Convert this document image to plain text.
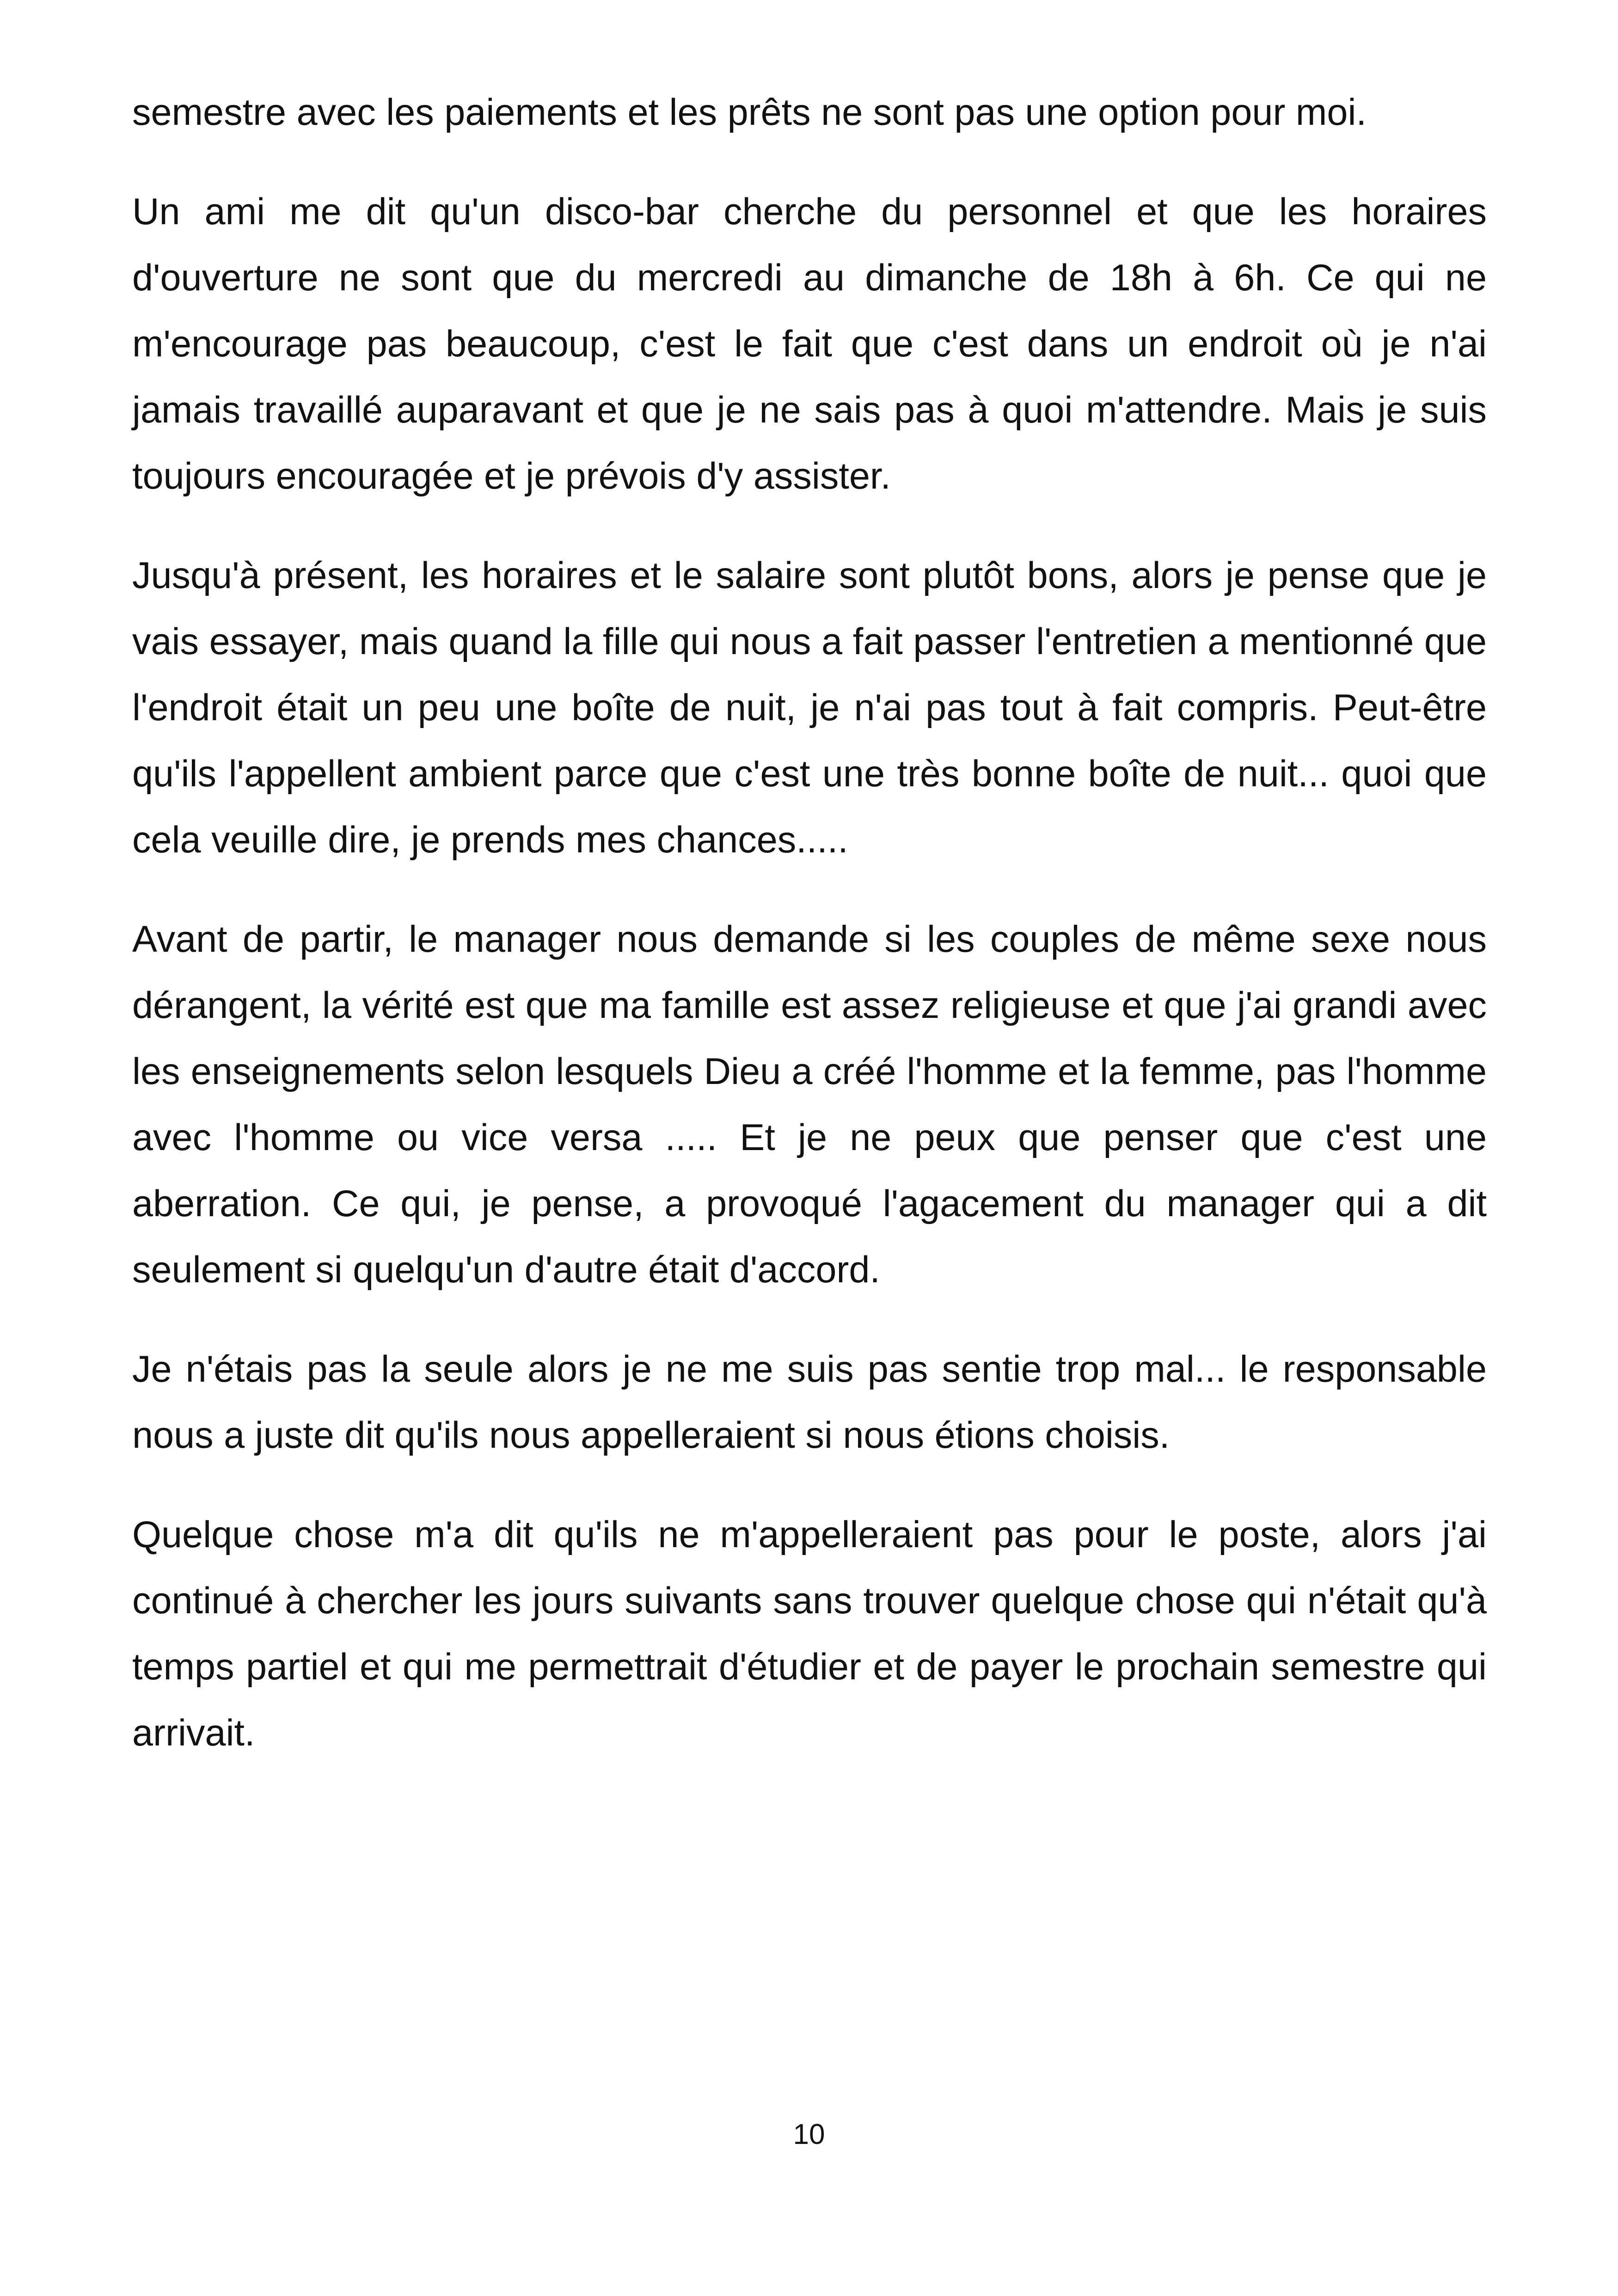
semestre avec les paiements et les prêts ne sont pas une option pour moi.

Un ami me dit qu'un disco-bar cherche du personnel et que les horaires d'ouverture ne sont que du mercredi au dimanche de 18h à 6h. Ce qui ne m'encourage pas beaucoup, c'est le fait que c'est dans un endroit où je n'ai jamais travaillé auparavant et que je ne sais pas à quoi m'attendre. Mais je suis toujours encouragée et je prévois d'y assister.

Jusqu'à présent, les horaires et le salaire sont plutôt bons, alors je pense que je vais essayer, mais quand la fille qui nous a fait passer l'entretien a mentionné que l'endroit était un peu une boîte de nuit, je n'ai pas tout à fait compris. Peut-être qu'ils l'appellent ambient parce que c'est une très bonne boîte de nuit... quoi que cela veuille dire, je prends mes chances.....

Avant de partir, le manager nous demande si les couples de même sexe nous dérangent, la vérité est que ma famille est assez religieuse et que j'ai grandi avec les enseignements selon lesquels Dieu a créé l'homme et la femme, pas l'homme avec l'homme ou vice versa ..... Et je ne peux que penser que c'est une aberration. Ce qui, je pense, a provoqué l'agacement du manager qui a dit seulement si quelqu'un d'autre était d'accord.

Je n'étais pas la seule alors je ne me suis pas sentie trop mal... le responsable nous a juste dit qu'ils nous appelleraient si nous étions choisis.

Quelque chose m'a dit qu'ils ne m'appelleraient pas pour le poste, alors j'ai continué à chercher les jours suivants sans trouver quelque chose qui n'était qu'à temps partiel et qui me permettrait d'étudier et de payer le prochain semestre qui arrivait.

10
